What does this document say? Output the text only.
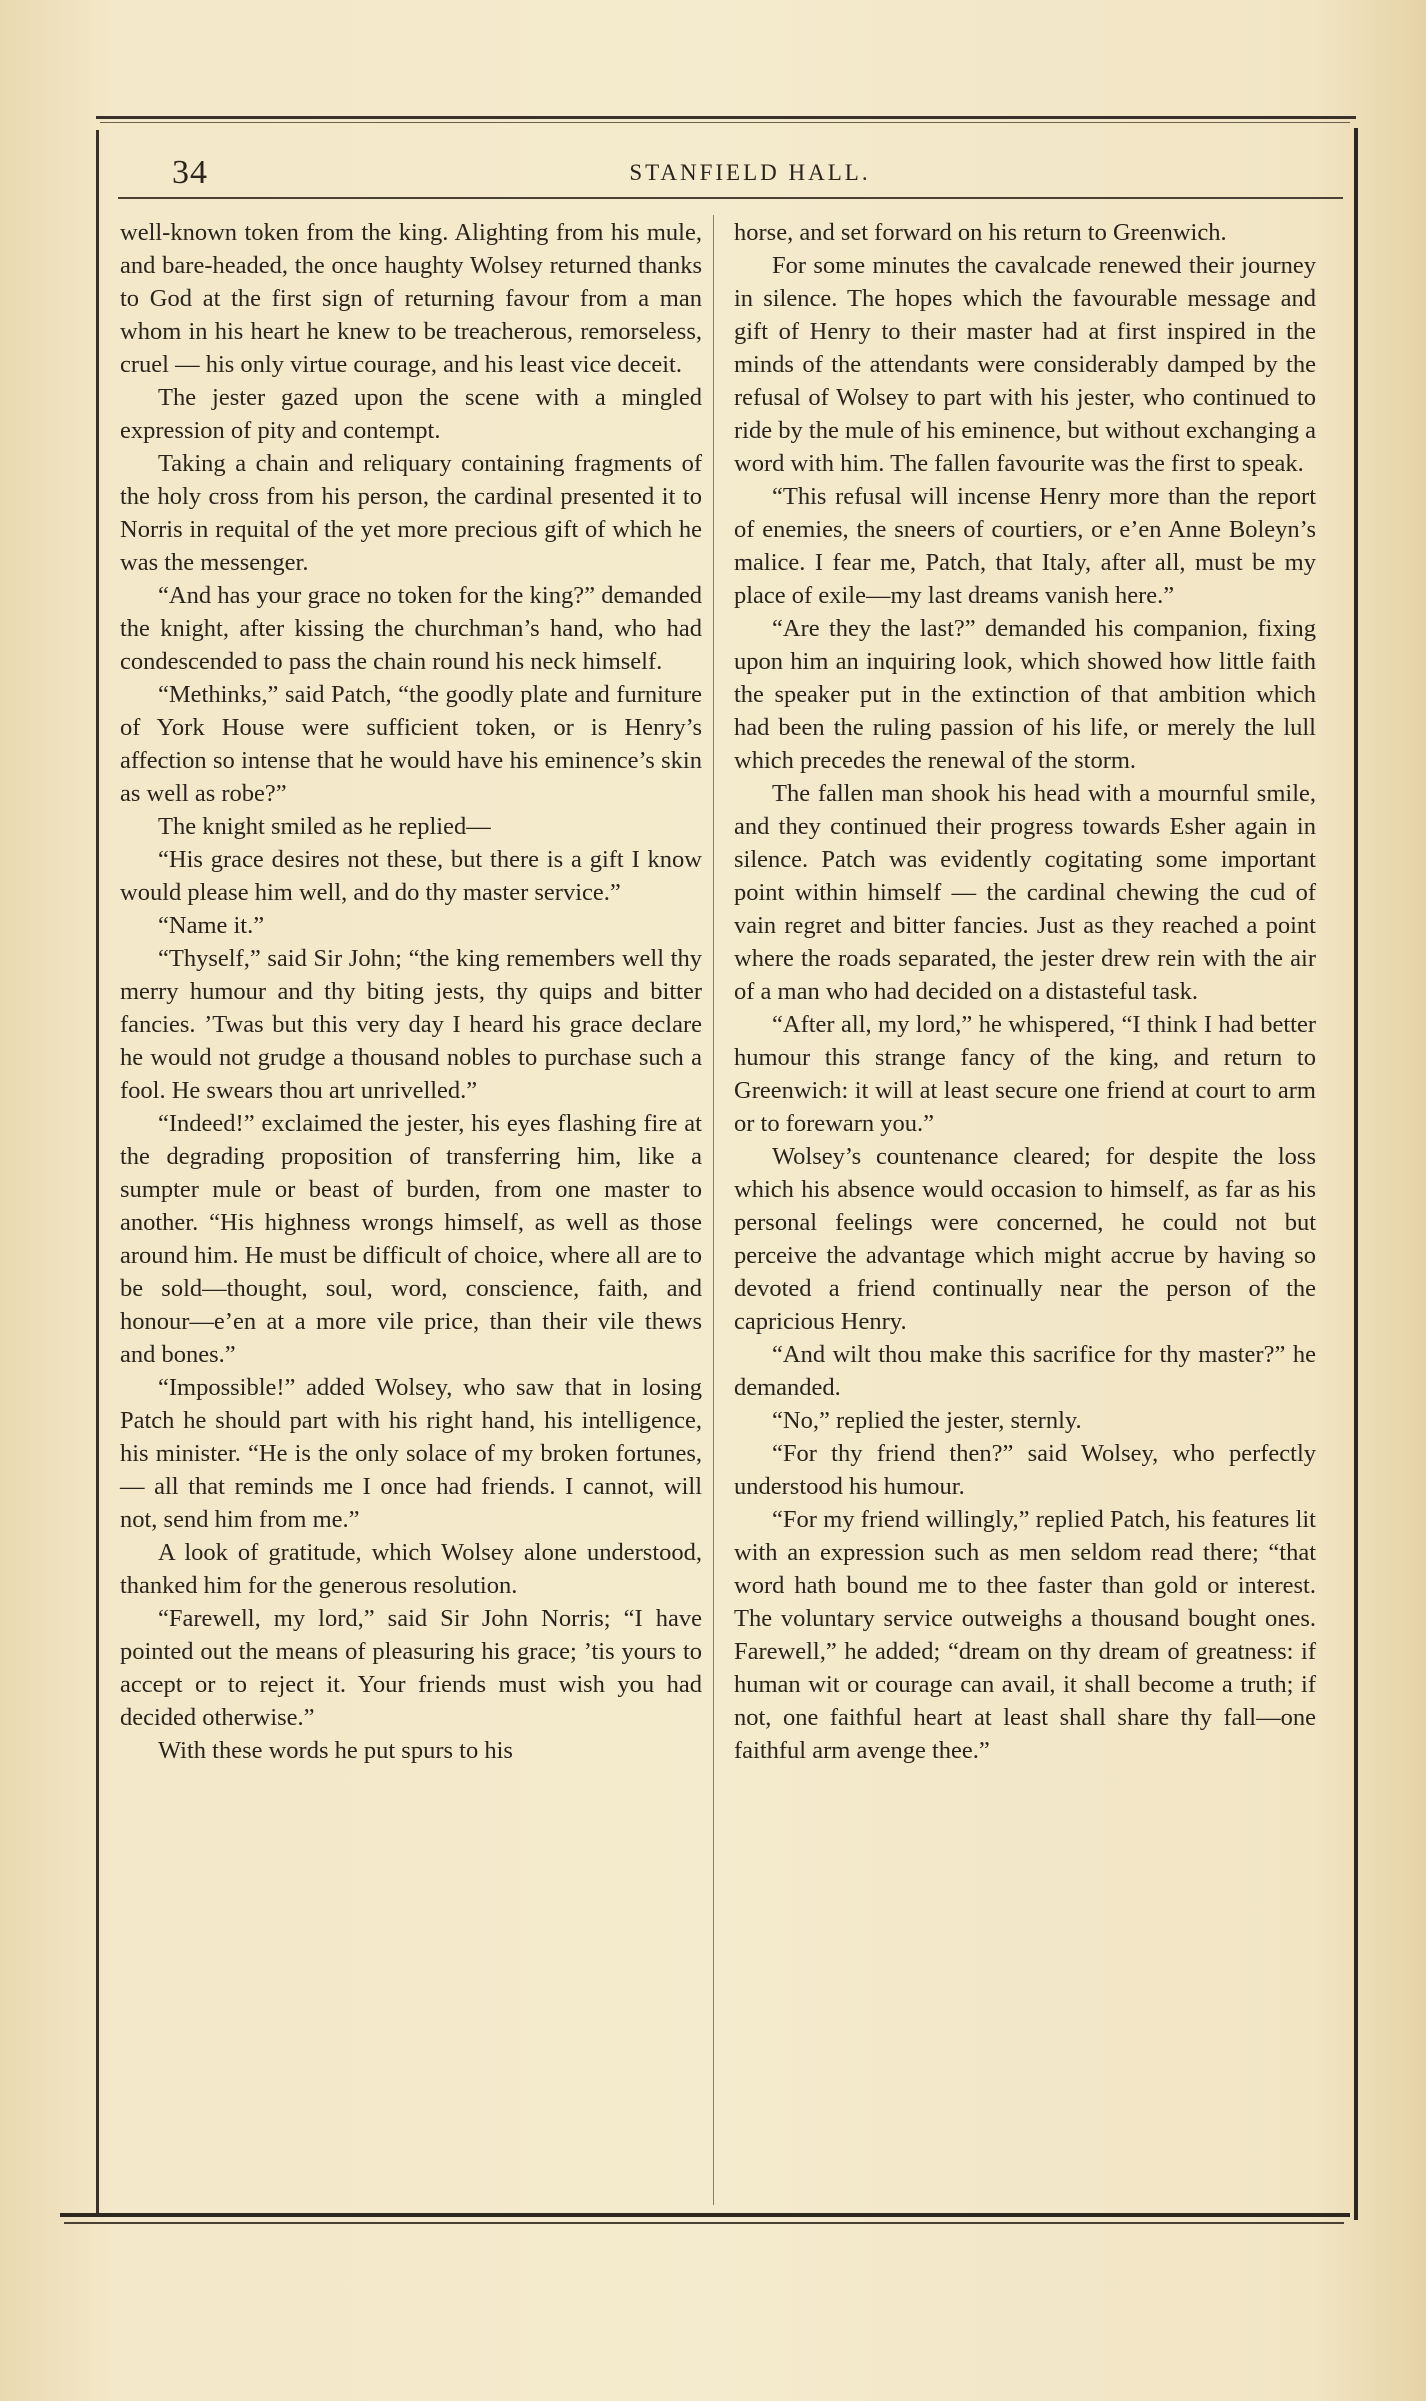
34	STANFIELD HALL.

well-known token from the king. Alighting from his mule, and bare-headed, the once haughty Wolsey returned thanks to God at the first sign of returning favour from a man whom in his heart he knew to be treacherous, remorseless, cruel — his only virtue courage, and his least vice deceit.

The jester gazed upon the scene with a mingled expression of pity and contempt.

Taking a chain and reliquary containing fragments of the holy cross from his person, the cardinal presented it to Norris in requital of the yet more precious gift of which he was the messenger.

“And has your grace no token for the king?” demanded the knight, after kissing the churchman’s hand, who had condescended to pass the chain round his neck himself.

“Methinks,” said Patch, “the goodly plate and furniture of York House were sufficient token, or is Henry’s affection so intense that he would have his eminence’s skin as well as robe?”

The knight smiled as he replied—

“His grace desires not these, but there is a gift I know would please him well, and do thy master service.”

“Name it.”

“Thyself,” said Sir John; “the king remembers well thy merry humour and thy biting jests, thy quips and bitter fancies. ’Twas but this very day I heard his grace declare he would not grudge a thousand nobles to purchase such a fool. He swears thou art unrivelled.”

“Indeed!” exclaimed the jester, his eyes flashing fire at the degrading proposition of transferring him, like a sumpter mule or beast of burden, from one master to another. “His highness wrongs himself, as well as those around him. He must be difficult of choice, where all are to be sold—thought, soul, word, conscience, faith, and honour—e’en at a more vile price, than their vile thews and bones.”

“Impossible!” added Wolsey, who saw that in losing Patch he should part with his right hand, his intelligence, his minister. “He is the only solace of my broken fortunes, — all that reminds me I once had friends. I cannot, will not, send him from me.”

A look of gratitude, which Wolsey alone understood, thanked him for the generous resolution.

“Farewell, my lord,” said Sir John Norris; “I have pointed out the means of pleasuring his grace; ’tis yours to accept or to reject it. Your friends must wish you had decided otherwise.”

With these words he put spurs to his

horse, and set forward on his return to Greenwich.

For some minutes the cavalcade renewed their journey in silence. The hopes which the favourable message and gift of Henry to their master had at first inspired in the minds of the attendants were considerably damped by the refusal of Wolsey to part with his jester, who continued to ride by the mule of his eminence, but without exchanging a word with him. The fallen favourite was the first to speak.

“This refusal will incense Henry more than the report of enemies, the sneers of courtiers, or e’en Anne Boleyn’s malice. I fear me, Patch, that Italy, after all, must be my place of exile—my last dreams vanish here.”

“Are they the last?” demanded his companion, fixing upon him an inquiring look, which showed how little faith the speaker put in the extinction of that ambition which had been the ruling passion of his life, or merely the lull which precedes the renewal of the storm.

The fallen man shook his head with a mournful smile, and they continued their progress towards Esher again in silence. Patch was evidently cogitating some important point within himself — the cardinal chewing the cud of vain regret and bitter fancies. Just as they reached a point where the roads separated, the jester drew rein with the air of a man who had decided on a distasteful task.

“After all, my lord,” he whispered, “I think I had better humour this strange fancy of the king, and return to Greenwich: it will at least secure one friend at court to arm or to forewarn you.”

Wolsey’s countenance cleared; for despite the loss which his absence would occasion to himself, as far as his personal feelings were concerned, he could not but perceive the advantage which might accrue by having so devoted a friend continually near the person of the capricious Henry.

“And wilt thou make this sacrifice for thy master?” he demanded.

“No,” replied the jester, sternly.

“For thy friend then?” said Wolsey, who perfectly understood his humour.

“For my friend willingly,” replied Patch, his features lit with an expression such as men seldom read there; “that word hath bound me to thee faster than gold or interest. The voluntary service outweighs a thousand bought ones. Farewell,” he added; “dream on thy dream of greatness: if human wit or courage can avail, it shall become a truth; if not, one faithful heart at least shall share thy fall—one faithful arm avenge thee.”
